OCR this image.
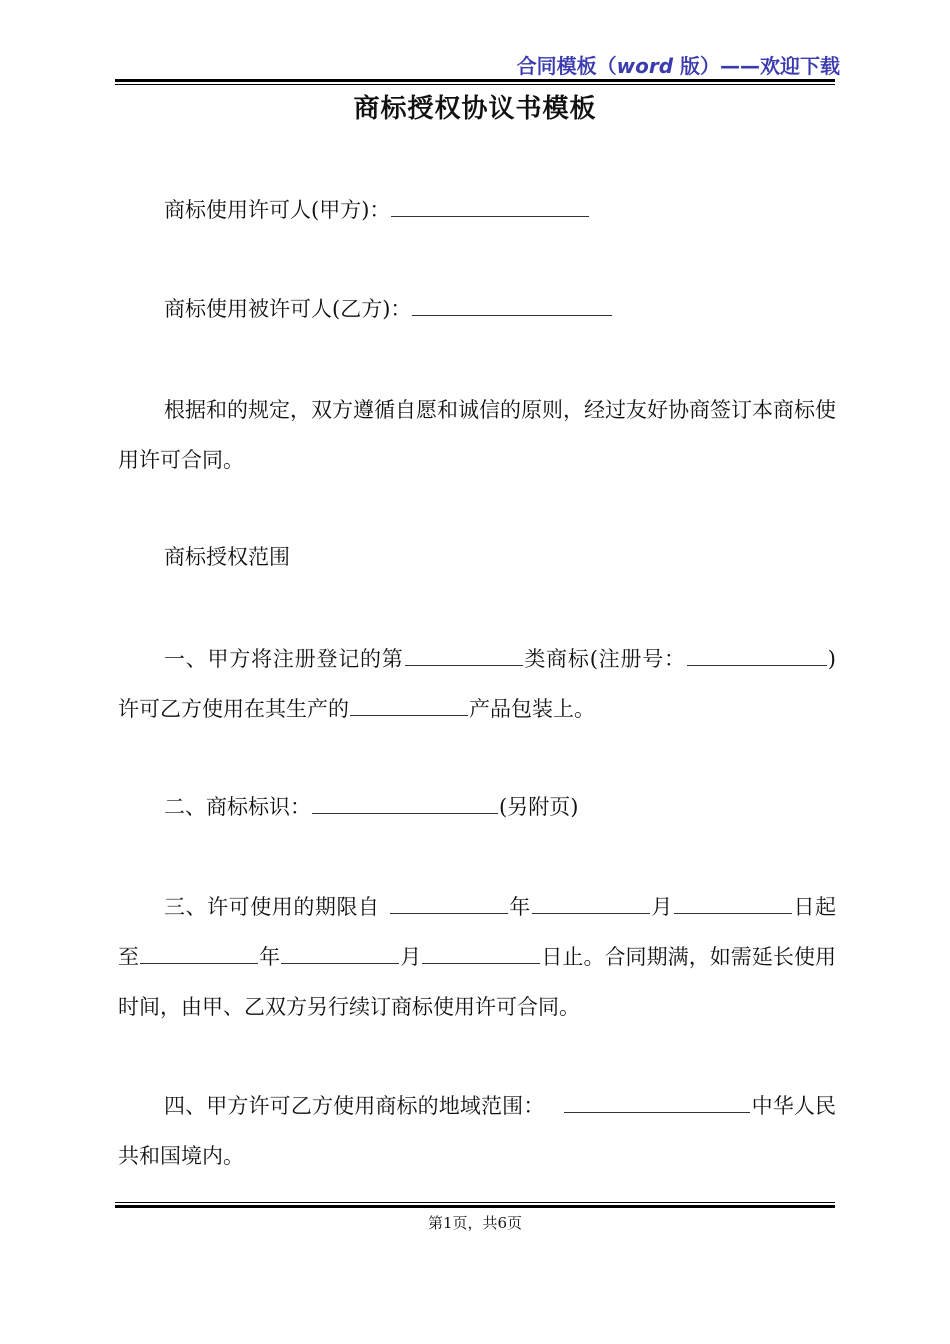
合同模板（word 版）——欢迎下载
商标授权协议书模板
商标使用许可人(甲方)：
商标使用被许可人(乙方)：
根据和的规定，双方遵循自愿和诚信的原则，经过友好协商签订本商标使用许可合同。
商标授权范围
一、甲方将注册登记的第	类商标(注册号：	)许可乙方使用在其生产的	产品包装上。
二、商标标识：	(另附页)
三、许可使用的期限自	年	月	日起至	年	月	日止。合同期满，如需延长使用时间，由甲、乙双方另行续订商标使用许可合同。
四、甲方许可乙方使用商标的地域范围：	中华人民共和国境内。
第1页，共6页
